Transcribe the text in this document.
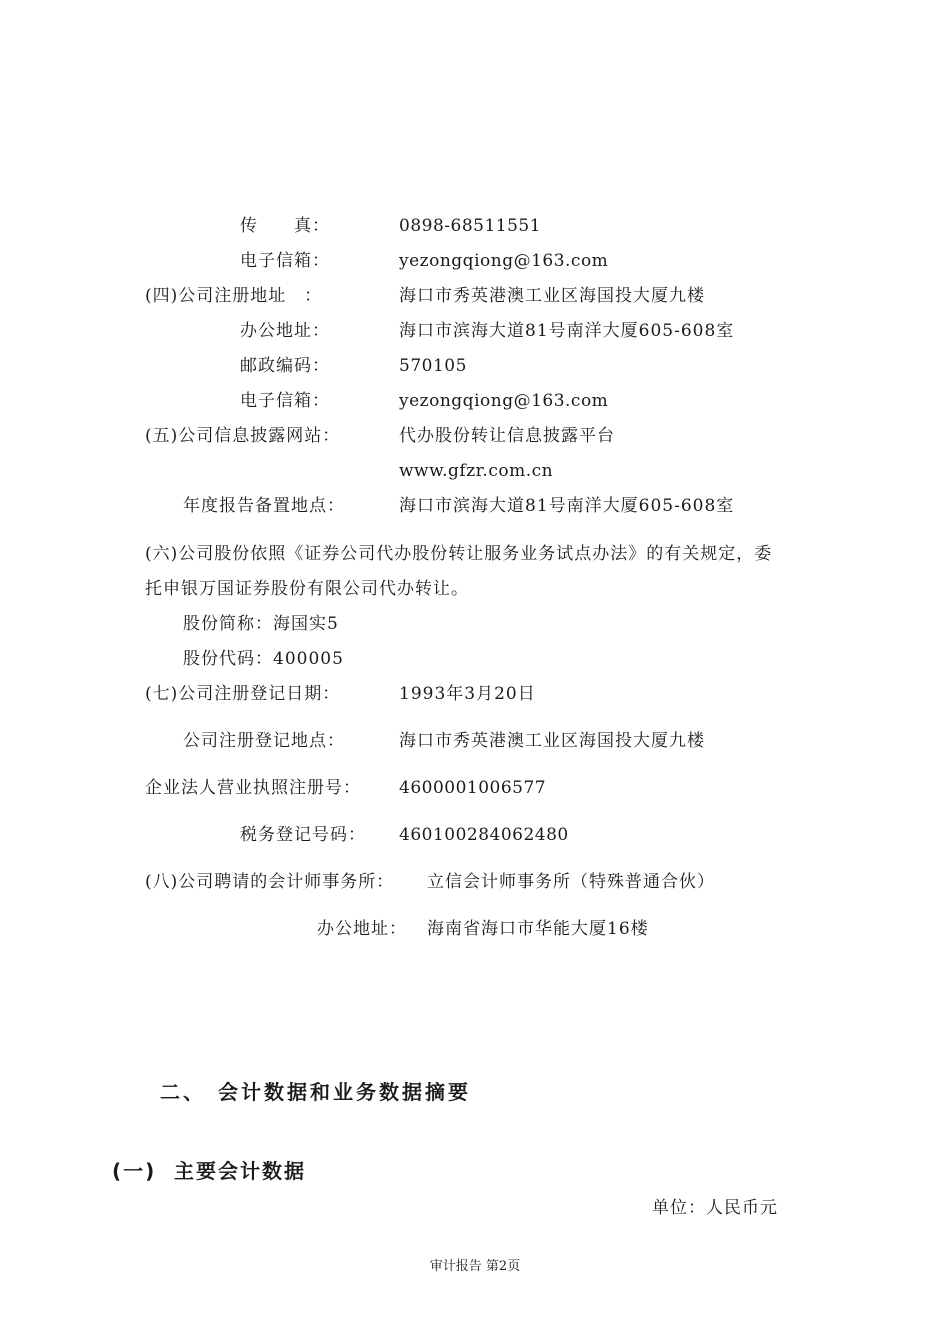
传　　真：	0898-68511551
电子信箱：	yezongqiong@163.com
(四)公司注册地址　：	海口市秀英港澳工业区海国投大厦九楼
办公地址：	海口市滨海大道81号南洋大厦605-608室
邮政编码：	570105
电子信箱：	yezongqiong@163.com
(五)公司信息披露网站：	代办股份转让信息披露平台
www.gfzr.com.cn
年度报告备置地点：	海口市滨海大道81号南洋大厦605-608室
(六)公司股份依照《证券公司代办股份转让服务业务试点办法》的有关规定，委
托申银万国证券股份有限公司代办转让。
股份简称：海国实5
股份代码：400005
(七)公司注册登记日期：	1993年3月20日
公司注册登记地点：	海口市秀英港澳工业区海国投大厦九楼
企业法人营业执照注册号： 4600001006577
税务登记号码： 460100284062480
(八)公司聘请的会计师事务所： 立信会计师事务所（特殊普通合伙）
办公地址： 海南省海口市华能大厦16楼
二、 会计数据和业务数据摘要
(一) 主要会计数据
单位：人民币元
审计报告 第2页
